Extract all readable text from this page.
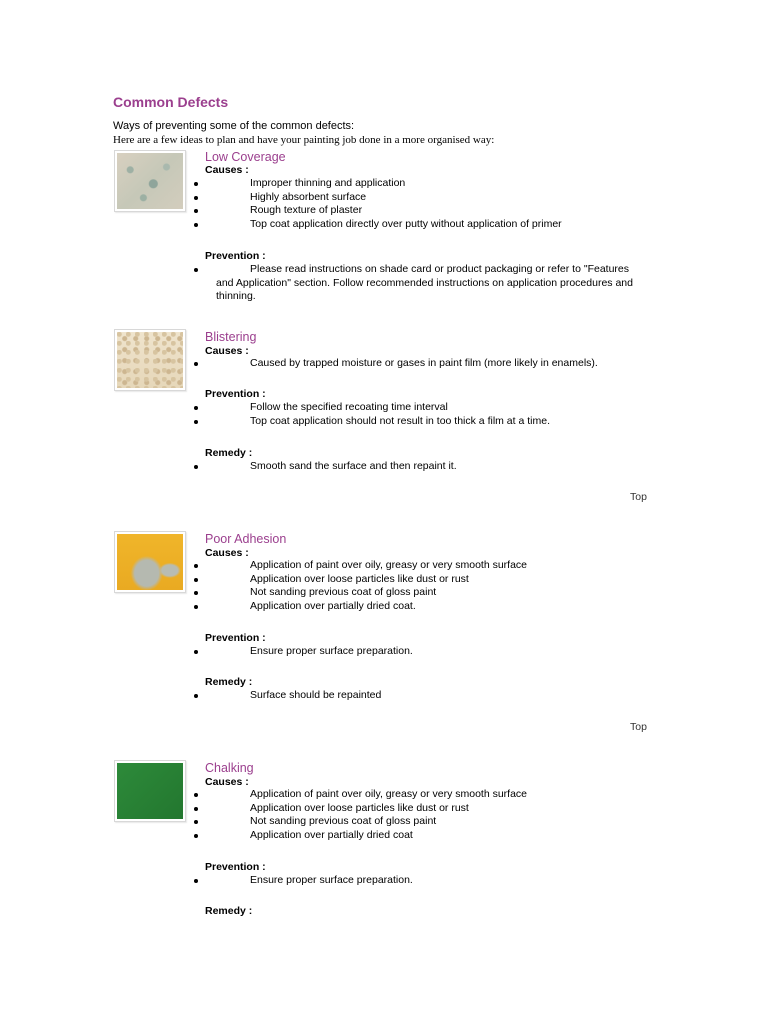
Common Defects
Ways of preventing some of the common defects:
Here are a few ideas to plan and have your painting job done in a more organised way:
Low Coverage
Causes :
Improper thinning and application
Highly absorbent surface
Rough texture of plaster
Top coat application directly over putty without application of primer
Prevention :
Please read instructions on shade card or product packaging or refer to "Features and Application" section. Follow recommended instructions on application procedures and thinning.
Blistering
Causes :
Caused by trapped moisture or gases in paint film (more likely in enamels).
Prevention :
Follow the specified recoating time interval
Top coat application should not result in too thick a film at a time.
Remedy :
Smooth sand the surface and then repaint it.
Top
Poor Adhesion
Causes :
Application of paint over oily, greasy or very smooth surface
Application over loose particles like dust or rust
Not sanding previous coat of gloss paint
Application over partially dried coat.
Prevention :
Ensure proper surface preparation.
Remedy :
Surface should be repainted
Top
Chalking
Causes :
Application of paint over oily, greasy or very smooth surface
Application over loose particles like dust or rust
Not sanding previous coat of gloss paint
Application over partially dried coat
Prevention :
Ensure proper surface preparation.
Remedy :
